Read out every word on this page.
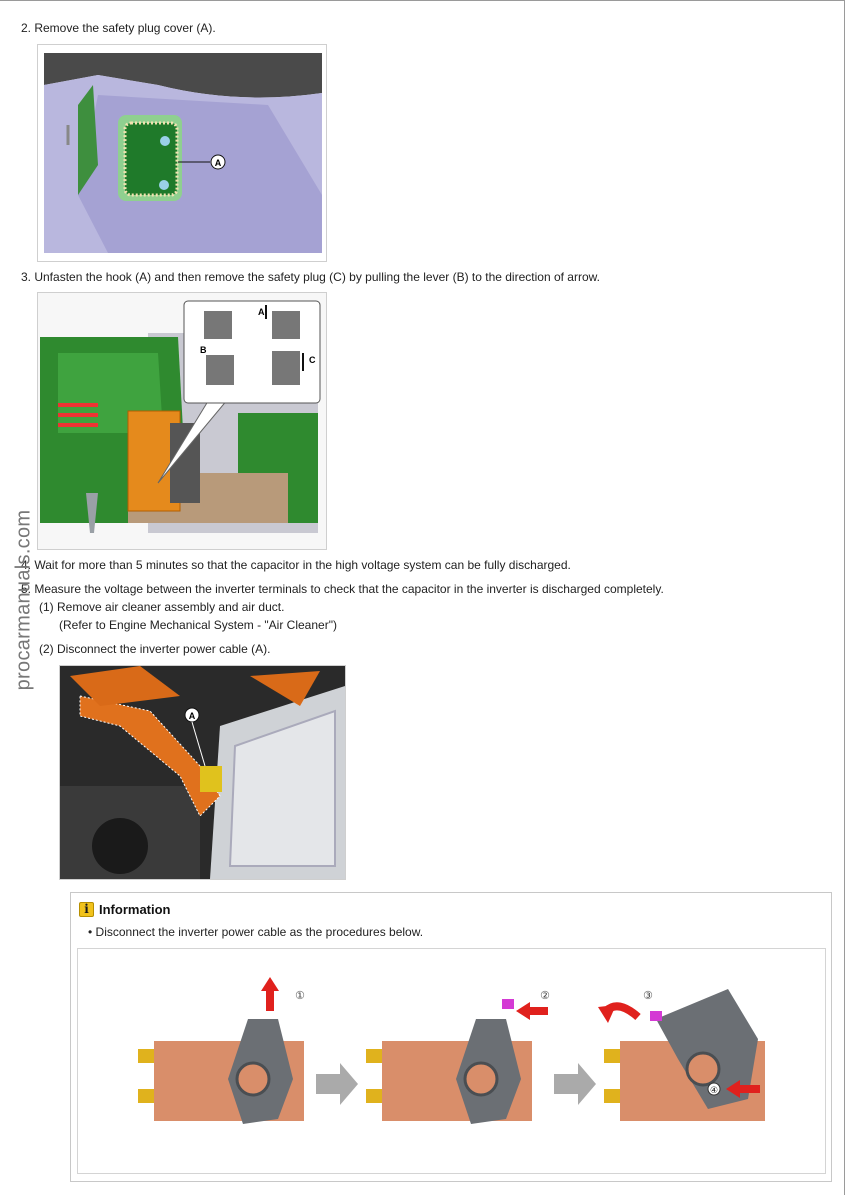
2. Remove the safety plug cover (A).
A
3. Unfasten the hook (A) and then remove the safety plug (C) by pulling the lever (B) to the direction of arrow.
A
B
C
4. Wait for more than 5 minutes so that the capacitor in the high voltage system can be fully discharged.
5. Measure the voltage between the inverter terminals to check that the capacitor in the inverter is discharged completely.
(1) Remove air cleaner assembly and air duct.
(Refer to Engine Mechanical System - "Air Cleaner")
(2) Disconnect the inverter power cable (A).
A
i Information
• Disconnect the inverter power cable as the procedures below.
①	②	③
④
procarmanuals.com
